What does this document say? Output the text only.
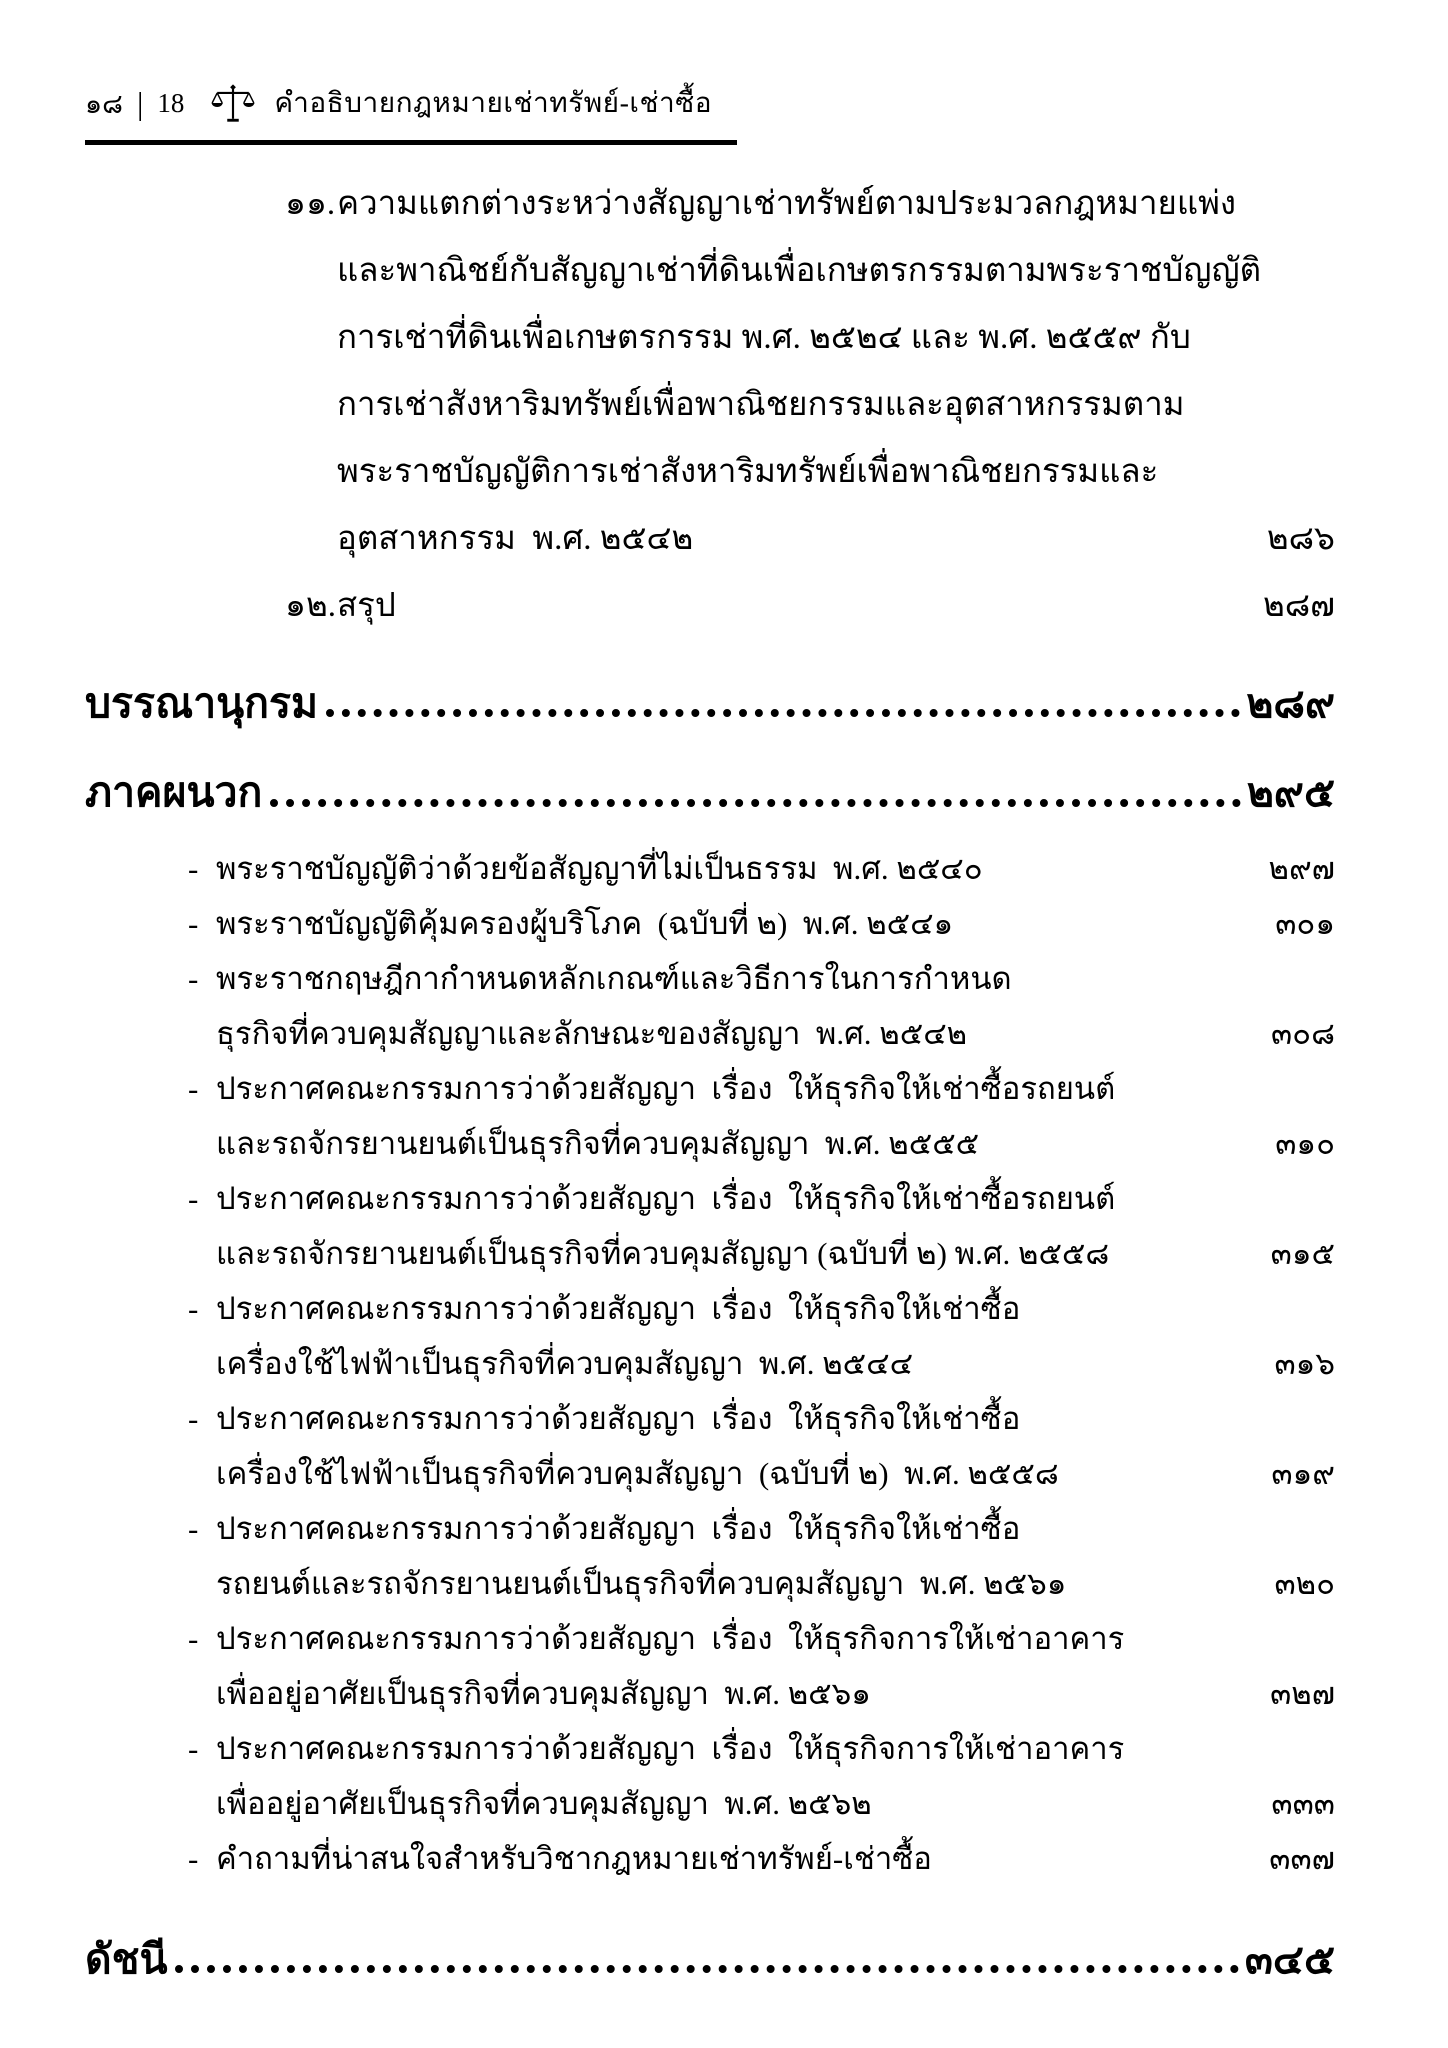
๑๘ | 18	คำอธิบายกฎหมายเช่าทรัพย์-เช่าซื้อ
๑๑. ความแตกต่างระหว่างสัญญาเช่าทรัพย์ตามประมวลกฎหมายแพ่ง
และพาณิชย์กับสัญญาเช่าที่ดินเพื่อเกษตรกรรมตามพระราชบัญญัติ
การเช่าที่ดินเพื่อเกษตรกรรม พ.ศ. ๒๕๒๔ และ พ.ศ. ๒๕๕๙ กับ
การเช่าสังหาริมทรัพย์เพื่อพาณิชยกรรมและอุตสาหกรรมตาม
พระราชบัญญัติการเช่าสังหาริมทรัพย์เพื่อพาณิชยกรรมและ
อุตสาหกรรม  พ.ศ. ๒๕๔๒	๒๘๖
๑๒. สรุป	๒๘๗
บรรณานุกรม	๒๘๙
ภาคผนวก	๒๙๕
- พระราชบัญญัติว่าด้วยข้อสัญญาที่ไม่เป็นธรรม  พ.ศ. ๒๕๔๐	๒๙๗
- พระราชบัญญัติคุ้มครองผู้บริโภค  (ฉบับที่ ๒)  พ.ศ. ๒๕๔๑	๓๐๑
- พระราชกฤษฎีกากำหนดหลักเกณฑ์และวิธีการในการกำหนด
ธุรกิจที่ควบคุมสัญญาและลักษณะของสัญญา  พ.ศ. ๒๕๔๒	๓๐๘
- ประกาศคณะกรรมการว่าด้วยสัญญา  เรื่อง  ให้ธุรกิจให้เช่าซื้อรถยนต์
และรถจักรยานยนต์เป็นธุรกิจที่ควบคุมสัญญา  พ.ศ. ๒๕๕๕	๓๑๐
- ประกาศคณะกรรมการว่าด้วยสัญญา  เรื่อง  ให้ธุรกิจให้เช่าซื้อรถยนต์
และรถจักรยานยนต์เป็นธุรกิจที่ควบคุมสัญญา (ฉบับที่ ๒) พ.ศ. ๒๕๕๘	๓๑๕
- ประกาศคณะกรรมการว่าด้วยสัญญา  เรื่อง  ให้ธุรกิจให้เช่าซื้อ
เครื่องใช้ไฟฟ้าเป็นธุรกิจที่ควบคุมสัญญา  พ.ศ. ๒๕๔๔	๓๑๖
- ประกาศคณะกรรมการว่าด้วยสัญญา  เรื่อง  ให้ธุรกิจให้เช่าซื้อ
เครื่องใช้ไฟฟ้าเป็นธุรกิจที่ควบคุมสัญญา  (ฉบับที่ ๒)  พ.ศ. ๒๕๕๘	๓๑๙
- ประกาศคณะกรรมการว่าด้วยสัญญา  เรื่อง  ให้ธุรกิจให้เช่าซื้อ
รถยนต์และรถจักรยานยนต์เป็นธุรกิจที่ควบคุมสัญญา  พ.ศ. ๒๕๖๑	๓๒๐
- ประกาศคณะกรรมการว่าด้วยสัญญา  เรื่อง  ให้ธุรกิจการให้เช่าอาคาร
เพื่ออยู่อาศัยเป็นธุรกิจที่ควบคุมสัญญา  พ.ศ. ๒๕๖๑	๓๒๗
- ประกาศคณะกรรมการว่าด้วยสัญญา  เรื่อง  ให้ธุรกิจการให้เช่าอาคาร
เพื่ออยู่อาศัยเป็นธุรกิจที่ควบคุมสัญญา  พ.ศ. ๒๕๖๒	๓๓๓
- คำถามที่น่าสนใจสำหรับวิชากฎหมายเช่าทรัพย์-เช่าซื้อ	๓๓๗
ดัชนี	๓๔๕
